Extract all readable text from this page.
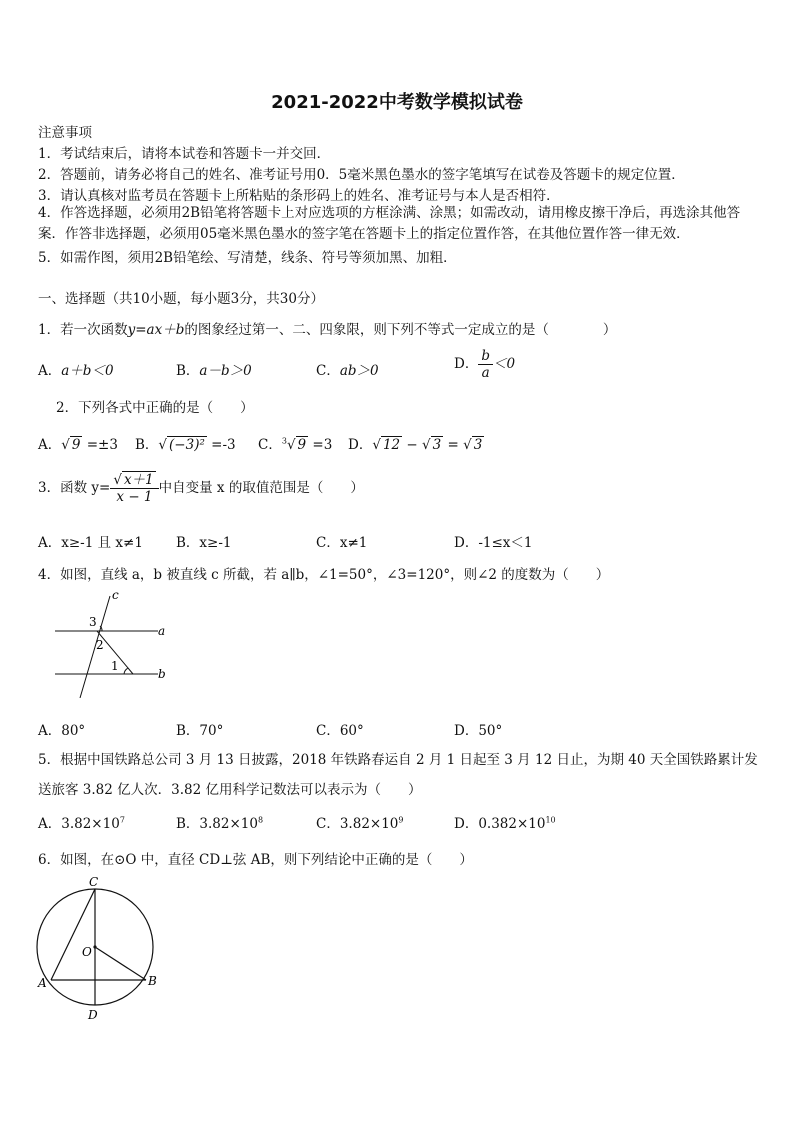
2021-2022中考数学模拟试卷
注意事项
1．考试结束后，请将本试卷和答题卡一并交回．
2．答题前，请务必将自己的姓名、准考证号用0．5毫米黑色墨水的签字笔填写在试卷及答题卡的规定位置．
3．请认真核对监考员在答题卡上所粘贴的条形码上的姓名、准考证号与本人是否相符．
4．作答选择题，必须用2B铅笔将答题卡上对应选项的方框涂满、涂黑；如需改动，请用橡皮擦干净后，再选涂其他答案．作答非选择题，必须用05毫米黑色墨水的签字笔在答题卡上的指定位置作答，在其他位置作答一律无效．
5．如需作图，须用2B铅笔绘、写清楚，线条、符号等须加黑、加粗．
一、选择题（共10小题，每小题3分，共30分）
1．若一次函数y=ax＋b的图象经过第一、二、四象限，则下列不等式一定成立的是（　　　　）
A．a＋b＜0	B．a－b＞0	C．ab＞0	D． $\frac{b}{a} <0$
2．下列各式中正确的是（　　）
A．√ 9 =±3 B．√ (−3)² =-3 C．$^3$√ 9 =3 D．√ 12 − √ 3 = √ 3
3．函数 $y= \frac{√ x+1}{x - 1}$ 中自变量 x 的取值范围是（　　）
A．x≥-1 且 x≠1 B．x≥-1	C．x≠1	D．-1≤x＜1
4．如图，直线 a，b 被直线 c 所截，若 a∥b，∠1=50°，∠3=120°，则∠2 的度数为（　　）
c
a
b
3
2
1
A．80°	B．70°	C．60°	D．50°
5．根据中国铁路总公司 3 月 13 日披露，2018 年铁路春运自 2 月 1 日起至 3 月 12 日止，为期 40 天全国铁路累计发送旅客 3.82 亿人次．3.82 亿用科学记数法可以表示为（　　）
A．$3.82\times 10^7$	B．$3.82\times 10^8$	C．$3.82\times 10^9$	D．$0.382\times 10^{10}$
6．如图，在⊙O 中，直径 CD⊥弦 AB，则下列结论中正确的是（　　）
C
O
A	B
D
